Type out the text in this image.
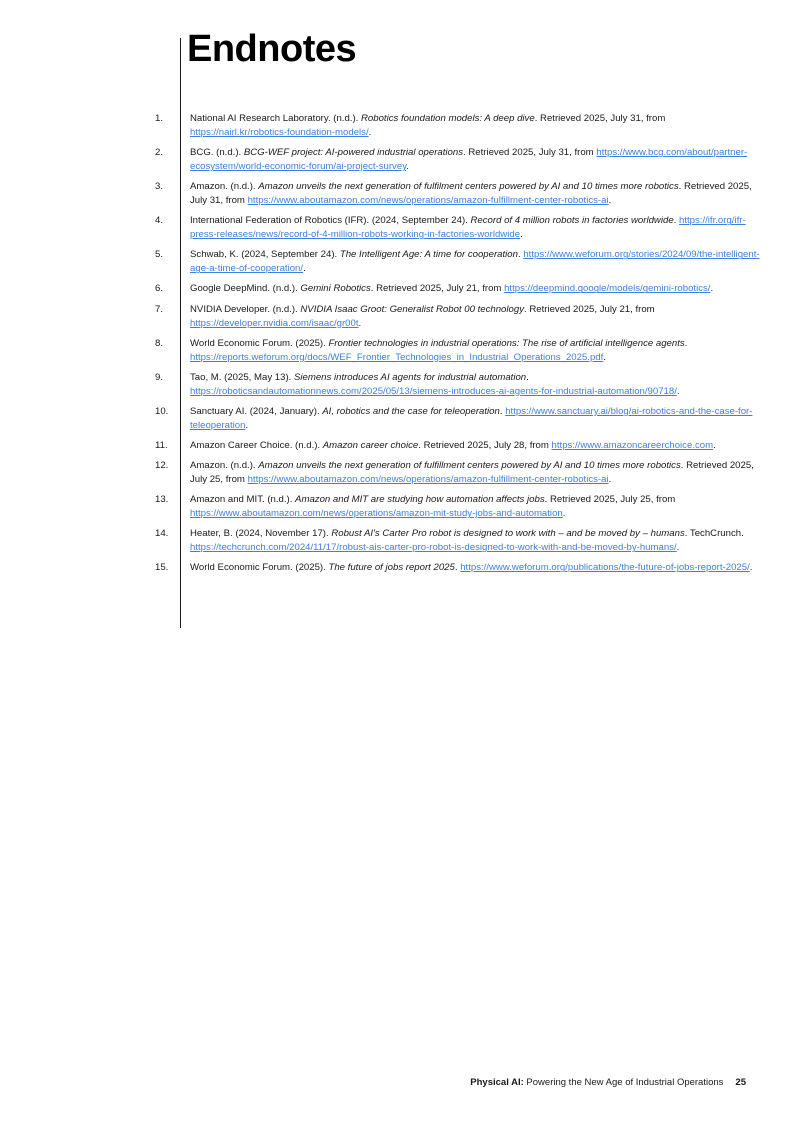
Endnotes
1.	National AI Research Laboratory. (n.d.). Robotics foundation models: A deep dive. Retrieved 2025, July 31, from https://nairl.kr/robotics-foundation-models/.
2.	BCG. (n.d.). BCG-WEF project: AI-powered industrial operations. Retrieved 2025, July 31, from https://www.bcg.com/about/partner-ecosystem/world-economic-forum/ai-project-survey.
3.	Amazon. (n.d.). Amazon unveils the next generation of fulfilment centers powered by AI and 10 times more robotics. Retrieved 2025, July 31, from https://www.aboutamazon.com/news/operations/amazon-fulfillment-center-robotics-ai.
4.	International Federation of Robotics (IFR). (2024, September 24). Record of 4 million robots in factories worldwide. https://ifr.org/ifr-press-releases/news/record-of-4-million-robots-working-in-factories-worldwide.
5.	Schwab, K. (2024, September 24). The Intelligent Age: A time for cooperation. https://www.weforum.org/stories/2024/09/the-intelligent-age-a-time-of-cooperation/.
6.	Google DeepMind. (n.d.). Gemini Robotics. Retrieved 2025, July 21, from https://deepmind.google/models/gemini-robotics/.
7.	NVIDIA Developer. (n.d.). NVIDIA Isaac Groot: Generalist Robot 00 technology. Retrieved 2025, July 21, from https://developer.nvidia.com/isaac/gr00t.
8.	World Economic Forum. (2025). Frontier technologies in industrial operations: The rise of artificial intelligence agents. https://reports.weforum.org/docs/WEF_Frontier_Technologies_in_Industrial_Operations_2025.pdf.
9.	Tao, M. (2025, May 13). Siemens introduces AI agents for industrial automation. https://roboticsandautomationnews.com/2025/05/13/siemens-introduces-ai-agents-for-industrial-automation/90718/.
10.	Sanctuary AI. (2024, January). AI, robotics and the case for teleoperation. https://www.sanctuary.ai/blog/ai-robotics-and-the-case-for-teleoperation.
11.	Amazon Career Choice. (n.d.). Amazon career choice. Retrieved 2025, July 28, from https://www.amazoncareerchoice.com.
12.	Amazon. (n.d.). Amazon unveils the next generation of fulfillment centers powered by AI and 10 times more robotics. Retrieved 2025, July 25, from https://www.aboutamazon.com/news/operations/amazon-fulfillment-center-robotics-ai.
13.	Amazon and MIT. (n.d.). Amazon and MIT are studying how automation affects jobs. Retrieved 2025, July 25, from https://www.aboutamazon.com/news/operations/amazon-mit-study-jobs-and-automation.
14.	Heater, B. (2024, November 17). Robust AI's Carter Pro robot is designed to work with – and be moved by – humans. TechCrunch. https://techcrunch.com/2024/11/17/robust-ais-carter-pro-robot-is-designed-to-work-with-and-be-moved-by-humans/.
15.	World Economic Forum. (2025). The future of jobs report 2025. https://www.weforum.org/publications/the-future-of-jobs-report-2025/.
Physical AI: Powering the New Age of Industrial Operations 25
